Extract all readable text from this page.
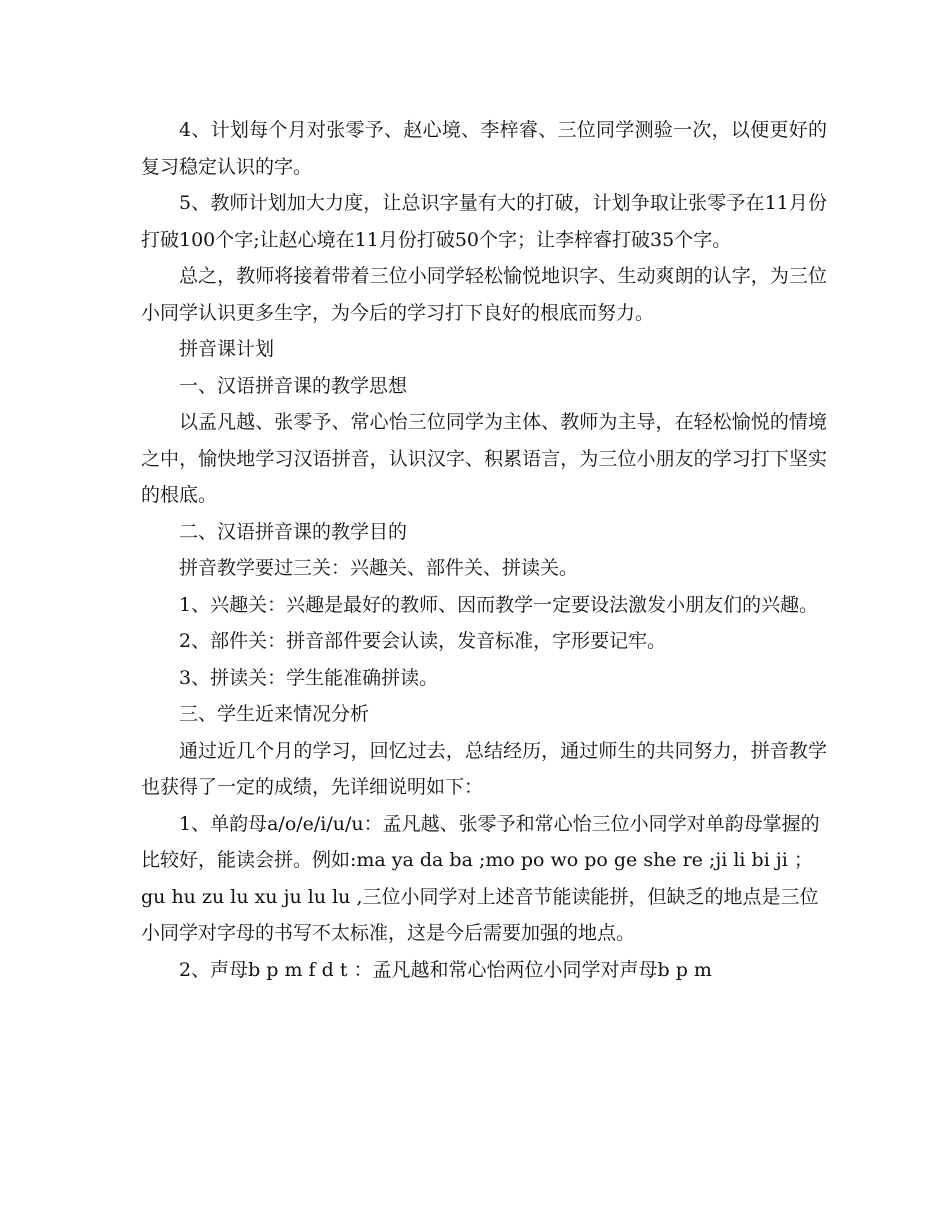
4、计划每个月对张零予、赵心境、李梓睿、三位同学测验一次，以便更好的复习稳定认识的字。

5、教师计划加大力度，让总识字量有大的打破，计划争取让张零予在11月份打破100个字;让赵心境在11月份打破50个字；让李梓睿打破35个字。

总之，教师将接着带着三位小同学轻松愉悦地识字、生动爽朗的认字，为三位小同学认识更多生字，为今后的学习打下良好的根底而努力。

拼音课计划

一、汉语拼音课的教学思想

以孟凡越、张零予、常心怡三位同学为主体、教师为主导，在轻松愉悦的情境之中，愉快地学习汉语拼音，认识汉字、积累语言，为三位小朋友的学习打下坚实的根底。

二、汉语拼音课的教学目的

拼音教学要过三关：兴趣关、部件关、拼读关。

1、兴趣关：兴趣是最好的教师、因而教学一定要设法激发小朋友们的兴趣。

2、部件关：拼音部件要会认读，发音标准，字形要记牢。

3、拼读关：学生能准确拼读。

三、学生近来情况分析

通过近几个月的学习，回忆过去，总结经历，通过师生的共同努力，拼音教学也获得了一定的成绩，先详细说明如下：

1、单韵母a/o/e/i/u/u：孟凡越、张零予和常心怡三位小同学对单韵母掌握的比较好，能读会拼。例如:ma ya da ba ;mo po wo po ge she re ;ji li bi ji ；gu hu zu lu xu ju lu lu ,三位小同学对上述音节能读能拼，但缺乏的地点是三位小同学对字母的书写不太标准，这是今后需要加强的地点。

2、声母b p m f d t ：孟凡越和常心怡两位小同学对声母b p m
